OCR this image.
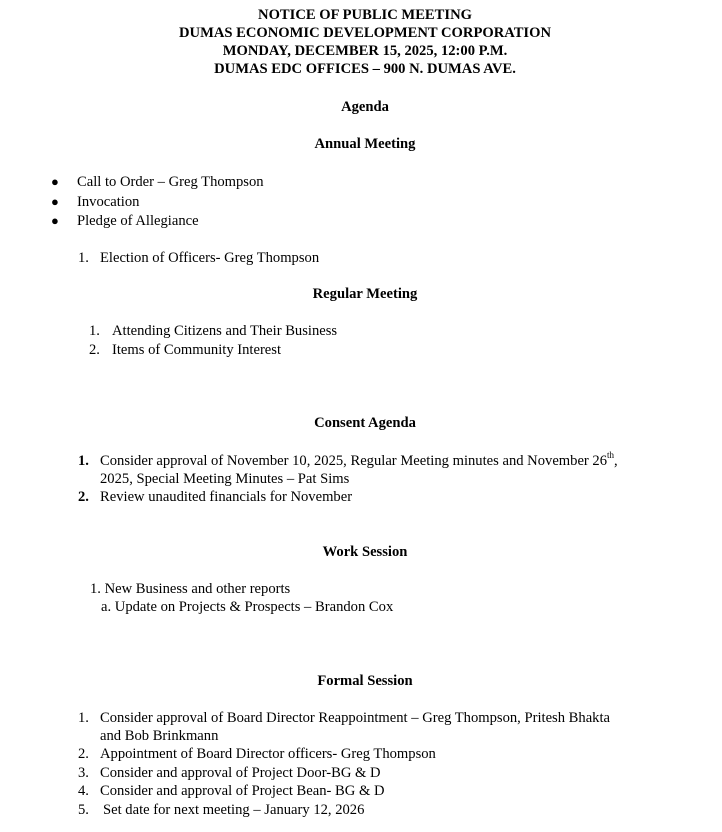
NOTICE OF PUBLIC MEETING
DUMAS ECONOMIC DEVELOPMENT CORPORATION
MONDAY, DECEMBER 15, 2025, 12:00 P.M.
DUMAS EDC OFFICES – 900 N. DUMAS AVE.
Agenda
Annual Meeting
● Call to Order – Greg Thompson
● Invocation
● Pledge of Allegiance
1. Election of Officers- Greg Thompson
Regular Meeting
1. Attending Citizens and Their Business
2. Items of Community Interest
Consent Agenda
1. Consider approval of November 10, 2025, Regular Meeting minutes and November 26th,
2025, Special Meeting Minutes – Pat Sims
2. Review unaudited financials for November
Work Session
1. New Business and other reports
a. Update on Projects & Prospects – Brandon Cox
Formal Session
1. Consider approval of Board Director Reappointment – Greg Thompson, Pritesh Bhakta
and Bob Brinkmann
2. Appointment of Board Director officers- Greg Thompson
3. Consider and approval of Project Door-BG & D
4. Consider and approval of Project Bean- BG & D
5. Set date for next meeting – January 12, 2026
